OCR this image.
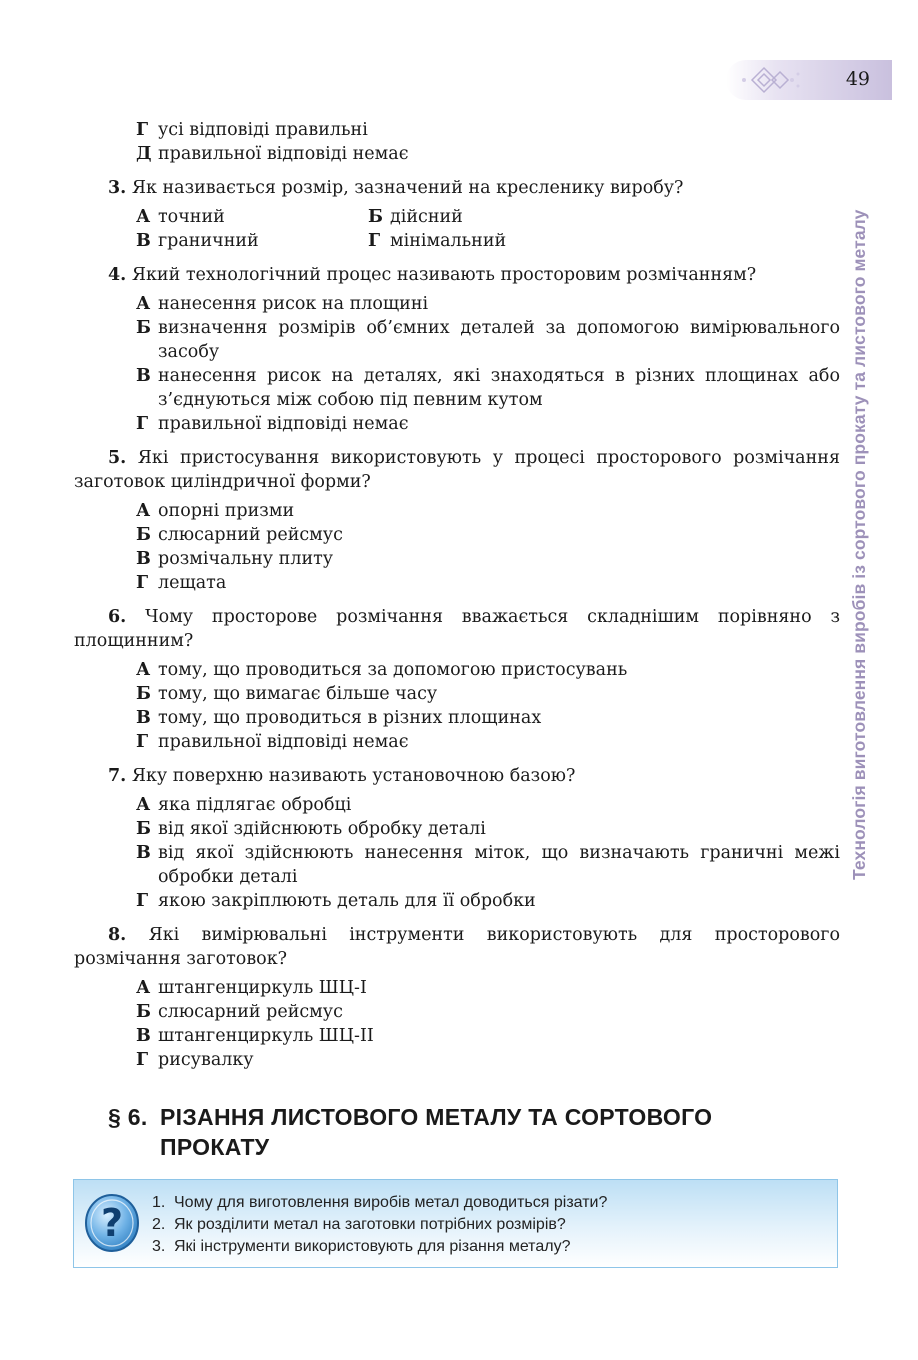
49
Технологія виготовлення виробів із сортового прокату та листового металу
Г усі відповіді правильні
Д правильної відповіді немає

3. Як називається розмір, зазначений на кресленику виробу?

А точний	Б дійсний
В граничний	Г мінімальний

4. Який технологічний процес називають просторовим розмічанням?

А нанесення рисок на площині
Б визначення розмірів об’ємних деталей за допомогою вимірювального засобу
В нанесення рисок на деталях, які знаходяться в різних площинах або з’єднуються між собою під певним кутом
Г правильної відповіді немає

5. Які пристосування використовують у процесі просторового розмічання заготовок циліндричної форми?

А опорні призми
Б слюсарний рейсмус
В розмічальну плиту
Г лещата

6. Чому просторове розмічання вважається складнішим порівняно з площинним?

А тому, що проводиться за допомогою пристосувань
Б тому, що вимагає більше часу
В тому, що проводиться в різних площинах
Г правильної відповіді немає

7. Яку поверхню називають установочною базою?

А яка підлягає обробці
Б від якої здійснюють обробку деталі
В від якої здійснюють нанесення міток, що визначають граничні межі обробки деталі
Г якою закріплюють деталь для її обробки

8. Які вимірювальні інструменти використовують для просторового розмічання заготовок?

А штангенциркуль ШЦ-І
Б слюсарний рейсмус
В штангенциркуль ШЦ-ІІ
Г рисувалку
§ 6. РІЗАННЯ ЛИСТОВОГО МЕТАЛУ ТА СОРТОВОГО
ПРОКАТУ
? 1. Чому для виготовлення виробів метал доводиться різати?
2. Як розділити метал на заготовки потрібних розмірів?
3. Які інструменти використовують для різання металу?
